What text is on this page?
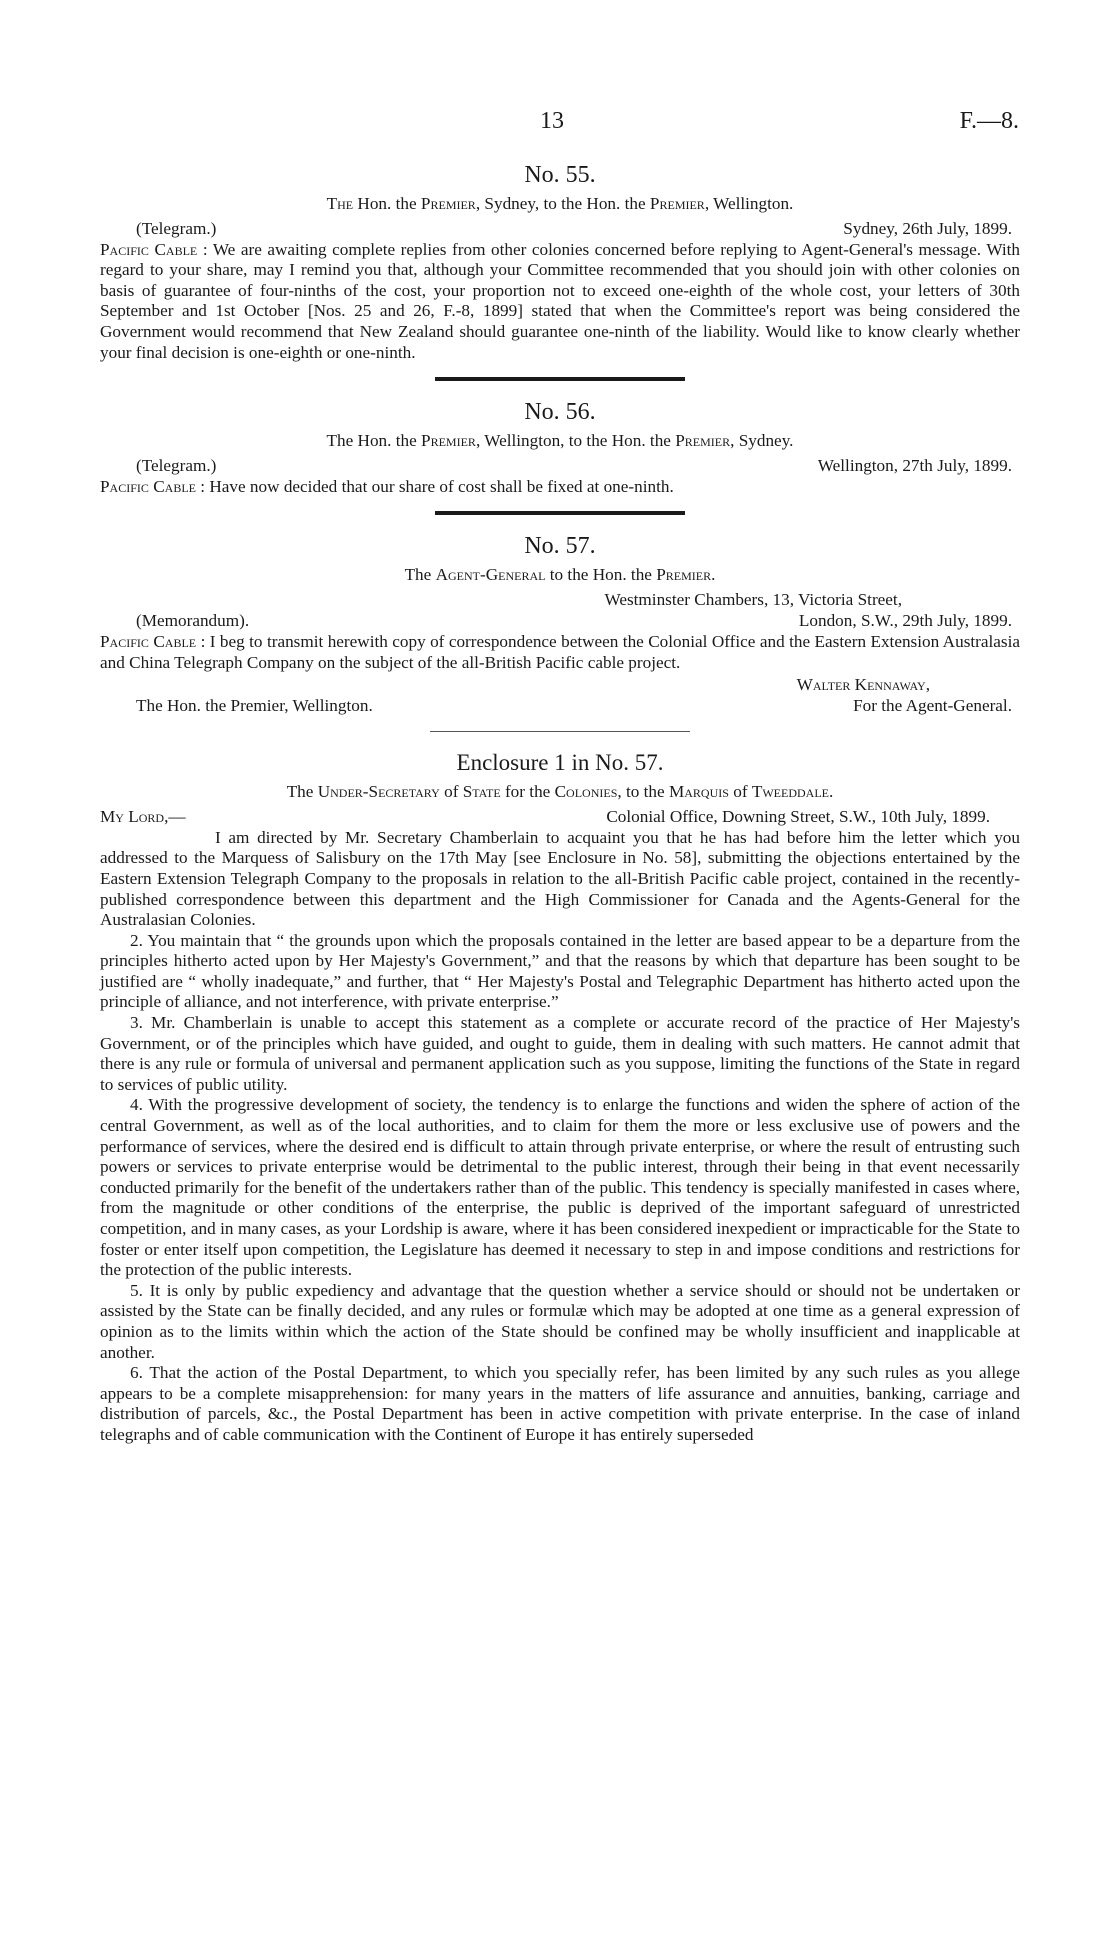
13	F.—8.
No. 55.
The Hon. the Premier, Sydney, to the Hon. the Premier, Wellington.
(Telegram.)	Sydney, 26th July, 1899.

Pacific Cable : We are awaiting complete replies from other colonies concerned before replying to Agent-General's message. With regard to your share, may I remind you that, although your Committee recommended that you should join with other colonies on basis of guarantee of four-ninths of the cost, your proportion not to exceed one-eighth of the whole cost, your letters of 30th September and 1st October [Nos. 25 and 26, F.-8, 1899] stated that when the Committee's report was being considered the Government would recommend that New Zealand should guarantee one-ninth of the liability. Would like to know clearly whether your final decision is one-eighth or one-ninth.

No. 56.
The Hon. the Premier, Wellington, to the Hon. the Premier, Sydney.
(Telegram.)	Wellington, 27th July, 1899.

Pacific Cable : Have now decided that our share of cost shall be fixed at one-ninth.

No. 57.
The Agent-General to the Hon. the Premier.
Westminster Chambers, 13, Victoria Street,
(Memorandum).	London, S.W., 29th July, 1899.

Pacific Cable : I beg to transmit herewith copy of correspondence between the Colonial Office and the Eastern Extension Australasia and China Telegraph Company on the subject of the all-British Pacific cable project.

Walter Kennaway,
The Hon. the Premier, Wellington.	For the Agent-General.
Enclosure 1 in No. 57.
The Under-Secretary of State for the Colonies, to the Marquis of Tweeddale.
My Lord,—	Colonial Office, Downing Street, S.W., 10th July, 1899.

I am directed by Mr. Secretary Chamberlain to acquaint you that he has had before him the letter which you addressed to the Marquess of Salisbury on the 17th May [see Enclosure in No. 58], submitting the objections entertained by the Eastern Extension Telegraph Company to the proposals in relation to the all-British Pacific cable project, contained in the recently-published correspondence between this department and the High Commissioner for Canada and the Agents-General for the Australasian Colonies.

2. You maintain that “ the grounds upon which the proposals contained in the letter are based appear to be a departure from the principles hitherto acted upon by Her Majesty's Government,” and that the reasons by which that departure has been sought to be justified are “ wholly inadequate,” and further, that “ Her Majesty's Postal and Telegraphic Department has hitherto acted upon the principle of alliance, and not interference, with private enterprise.”

3. Mr. Chamberlain is unable to accept this statement as a complete or accurate record of the practice of Her Majesty's Government, or of the principles which have guided, and ought to guide, them in dealing with such matters. He cannot admit that there is any rule or formula of universal and permanent application such as you suppose, limiting the functions of the State in regard to services of public utility.

4. With the progressive development of society, the tendency is to enlarge the functions and widen the sphere of action of the central Government, as well as of the local authorities, and to claim for them the more or less exclusive use of powers and the performance of services, where the desired end is difficult to attain through private enterprise, or where the result of entrusting such powers or services to private enterprise would be detrimental to the public interest, through their being in that event necessarily conducted primarily for the benefit of the undertakers rather than of the public. This tendency is specially manifested in cases where, from the magnitude or other conditions of the enterprise, the public is deprived of the important safeguard of unrestricted competition, and in many cases, as your Lordship is aware, where it has been considered inexpedient or impracticable for the State to foster or enter itself upon competition, the Legislature has deemed it necessary to step in and impose conditions and restrictions for the protection of the public interests.

5. It is only by public expediency and advantage that the question whether a service should or should not be undertaken or assisted by the State can be finally decided, and any rules or formulæ which may be adopted at one time as a general expression of opinion as to the limits within which the action of the State should be confined may be wholly insufficient and inapplicable at another.

6. That the action of the Postal Department, to which you specially refer, has been limited by any such rules as you allege appears to be a complete misapprehension: for many years in the matters of life assurance and annuities, banking, carriage and distribution of parcels, &c., the Postal Department has been in active competition with private enterprise. In the case of inland telegraphs and of cable communication with the Continent of Europe it has entirely superseded
